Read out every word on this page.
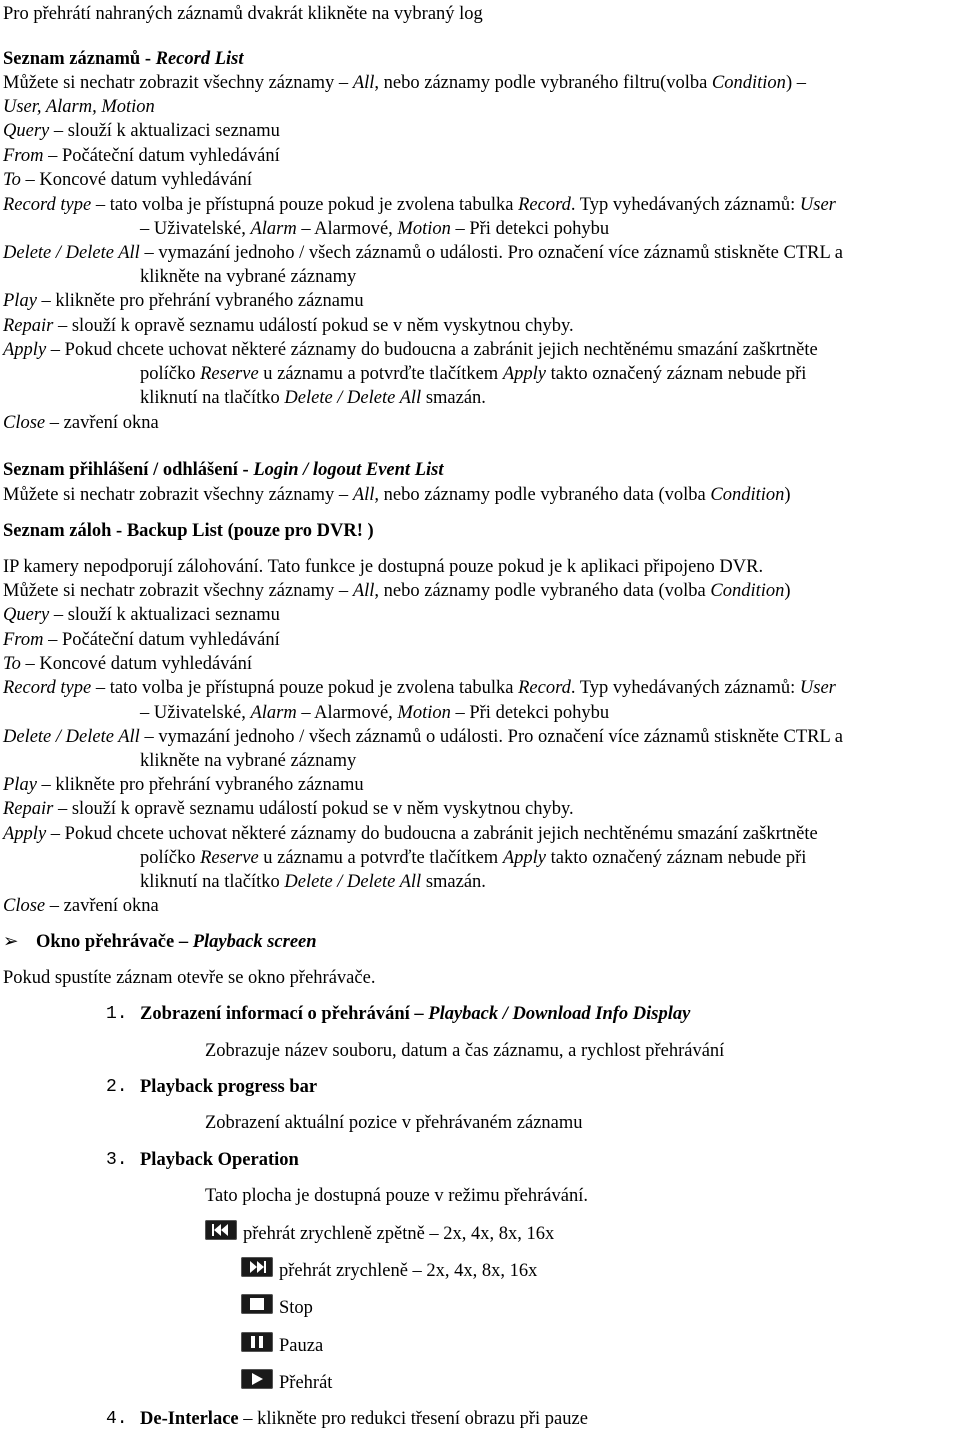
Pro přehrátí nahraných záznamů dvakrát klikněte na vybraný log
Seznam záznamů - Record List
Můžete si nechatr zobrazit všechny záznamy – All, nebo záznamy podle vybraného filtru(volba Condition) –
User, Alarm, Motion
Query – slouží k aktualizaci seznamu
From – Počáteční datum vyhledávání
To – Koncové datum vyhledávání
Record type – tato volba je přístupná pouze pokud je zvolena tabulka Record. Typ vyhedávaných záznamů: User
– Uživatelské, Alarm – Alarmové, Motion – Při detekci pohybu
Delete / Delete All – vymazání jednoho / všech záznamů o události. Pro označení více záznamů stiskněte CTRL a
klikněte na vybrané záznamy
Play – klikněte pro přehrání vybraného záznamu
Repair – slouží k opravě seznamu událostí pokud se v něm vyskytnou chyby.
Apply – Pokud chcete uchovat některé záznamy do budoucna a zabránit jejich nechtěnému smazání zaškrtněte
políčko Reserve u záznamu a potvrďte tlačítkem Apply takto označený záznam nebude při
kliknutí na tlačítko Delete / Delete All smazán.
Close – zavření okna
Seznam přihlášení / odhlášení - Login / logout Event List
Můžete si nechatr zobrazit všechny záznamy – All, nebo záznamy podle vybraného data (volba Condition)
Seznam záloh - Backup List (pouze pro DVR! )
IP kamery nepodporují zálohování. Tato funkce je dostupná pouze pokud je k aplikaci připojeno DVR.
Můžete si nechatr zobrazit všechny záznamy – All, nebo záznamy podle vybraného data (volba Condition)
Query – slouží k aktualizaci seznamu
From – Počáteční datum vyhledávání
To – Koncové datum vyhledávání
Record type – tato volba je přístupná pouze pokud je zvolena tabulka Record. Typ vyhedávaných záznamů: User
– Uživatelské, Alarm – Alarmové, Motion – Při detekci pohybu
Delete / Delete All – vymazání jednoho / všech záznamů o události. Pro označení více záznamů stiskněte CTRL a
klikněte na vybrané záznamy
Play – klikněte pro přehrání vybraného záznamu
Repair – slouží k opravě seznamu událostí pokud se v něm vyskytnou chyby.
Apply – Pokud chcete uchovat některé záznamy do budoucna a zabránit jejich nechtěnému smazání zaškrtněte
políčko Reserve u záznamu a potvrďte tlačítkem Apply takto označený záznam nebude při
kliknutí na tlačítko Delete / Delete All smazán.
Close – zavření okna
➢ Okno přehrávače – Playback screen
Pokud spustíte záznam otevře se okno přehrávače.
1. Zobrazení informací o přehrávání – Playback / Download Info Display
Zobrazuje název souboru, datum a čas záznamu, a rychlost přehrávání
2. Playback progress bar
Zobrazení aktuální pozice v přehrávaném záznamu
3. Playback Operation
Tato plocha je dostupná pouze v režimu přehrávání.
přehrát zrychleně zpětně – 2x, 4x, 8x, 16x
přehrát zrychleně – 2x, 4x, 8x, 16x
Stop
Pauza
Přehrát
4. De-Interlace – klikněte pro redukci třesení obrazu při pauze
